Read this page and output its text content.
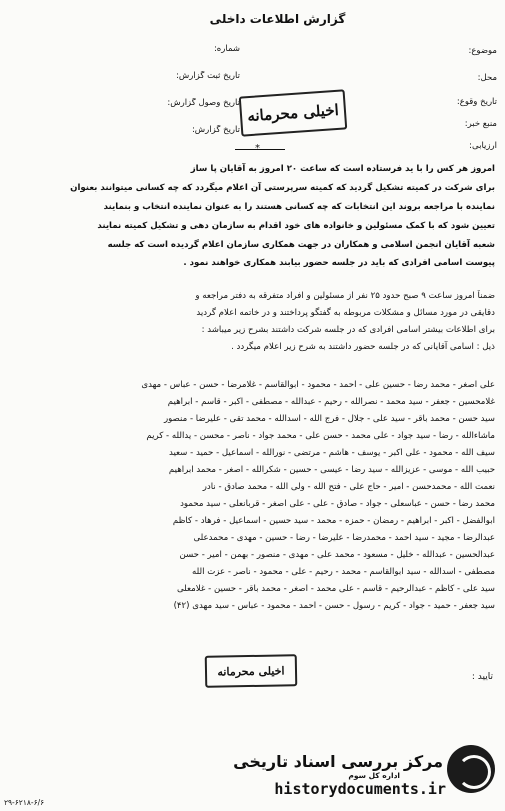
گزارش اطلاعات داخلی
شماره:
تاریخ ثبت گزارش:
تاریخ وصول گزارش:
تاریخ گزارش:
موضوع:
محل:
تاریخ وقوع:
منبع خبر:
ارزیابی:
اخیلی محرمانه
*
امروز هر کس را با ید فرستاده است که ساعت ۲۰ امروز به آقایان پا ساز
برای شرکت در کمیته تشکیل گردید که کمیته سرپرستی آن اعلام میگردد که چه کسانی میتوانند بعنوان
نماینده با مراجعه بروند این انتخابات که چه کسانی هستند را به عنوان نماینده انتخاب و بنمایند
تعیین شود که با کمک مسئولین و خانواده های خود اقدام به سازمان دهی و تشکیل کمیته نمایند
شعبه آقایان انجمن اسلامی و همکاران در جهت همکاری سازمان اعلام گردیده است که جلسه
پیوست اسامی افرادی که باید در جلسه حضور بیابند همکاری خواهند نمود .
ضمناً امروز ساعت ۹ صبح حدود ۲۵ نفر از مسئولین و افراد متفرقه به دفتر مراجعه و
دقایقی در مورد مسائل و مشکلات مربوطه به گفتگو پرداختند و در خاتمه اعلام گردید
برای اطلاعات بیشتر اسامی افرادی که در جلسه شرکت داشتند بشرح زیر میباشد :
ذیل : اسامی آقایانی که در جلسه حضور داشتند به شرح زیر اعلام میگردد .
علی اصغر - محمد رضا - حسین علی - احمد - محمود - ابوالقاسم - غلامرضا - حسن - عباس - مهدی
غلامحسین - جعفر - سید محمد - نصرالله - رحیم - عبدالله - مصطفی - اکبر - قاسم - ابراهیم
سید حسن - محمد باقر - سید علی - جلال - فرج الله - اسدالله - محمد تقی - علیرضا - منصور
ماشاءالله - رضا - سید جواد - علی محمد - حسن علی - محمد جواد - ناصر - محسن - یدالله - کریم
سیف الله - محمود - علی اکبر - یوسف - هاشم - مرتضی - نورالله - اسماعیل - حمید - سعید
حبیب الله - موسی - عزیزالله - سید رضا - عیسی - حسین - شکرالله - اصغر - محمد ابراهیم
نعمت الله - محمدحسن - امیر - حاج علی - فتح الله - ولی الله - محمد صادق - نادر
محمد رضا - حسن - عباسعلی - جواد - صادق - علی - علی اصغر - قربانعلی - سید محمود
ابوالفضل - اکبر - ابراهیم - رمضان - حمزه - محمد - سید حسین - اسماعیل - فرهاد - کاظم
عبدالرضا - مجید - سید احمد - محمدرضا - علیرضا - رضا - حسین - مهدی - محمدعلی
عبدالحسین - عبدالله - خلیل - مسعود - محمد علی - مهدی - منصور - بهمن - امیر - حسن
مصطفی - اسدالله - سید ابوالقاسم - محمد - رحیم - علی - محمود - ناصر - عزت الله
سید علی - کاظم - عبدالرحیم - قاسم - علی محمد - اصغر - محمد باقر - حسین - غلامعلی
سید جعفر - حمید - جواد - کریم - رسول - حسن - احمد - محمود - عباس - سید مهدی (۴۲)
تأیید :
اخیلی محرمانه
اداره کل سوم
۲۹-۶۲۱۸-۶/۶
مرکز بررسی اسناد تاریخی
historydocuments.ir
